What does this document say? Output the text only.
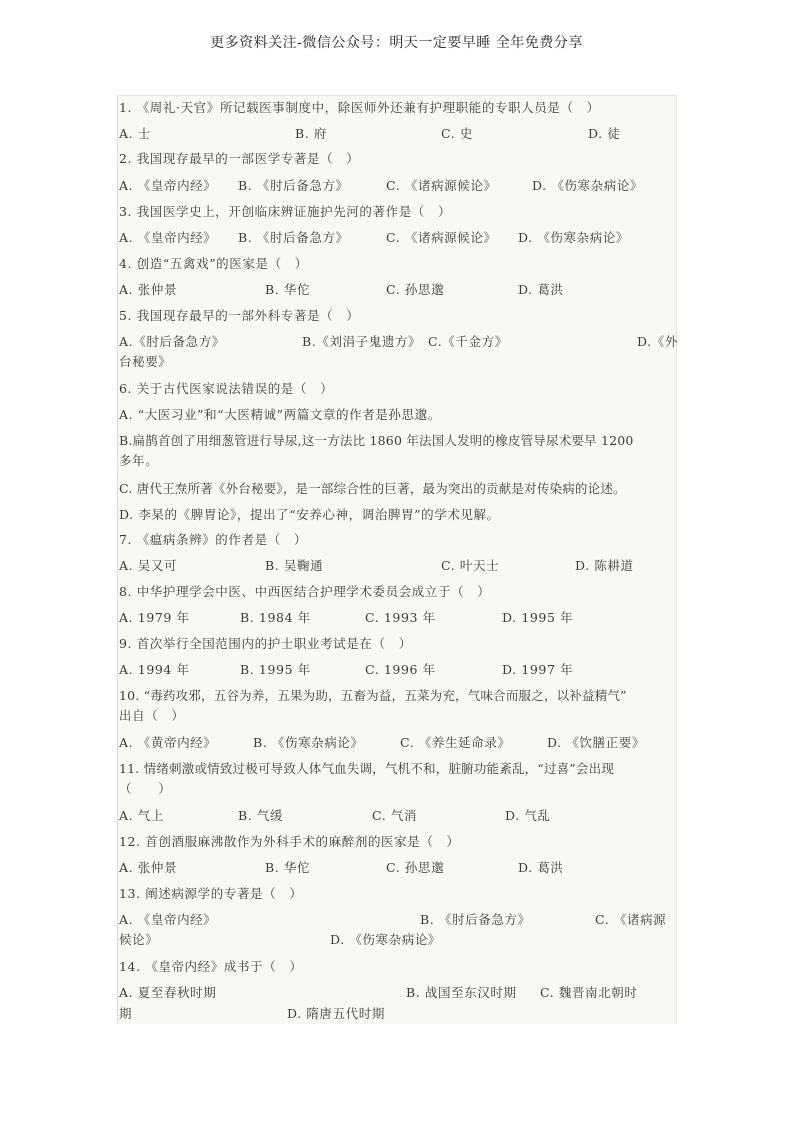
更多资料关注-微信公众号：明天一定要早睡 全年免费分享
1. 《周礼·天官》所记载医事制度中，除医师外还兼有护理职能的专职人员是（　）
A. 士	B. 府	C. 史	D. 徒
2. 我国现存最早的一部医学专著是（　）
A. 《皇帝内经》 B. 《肘后备急方》	C. 《诸病源候论》	D. 《伤寒杂病论》
3. 我国医学史上，开创临床辨证施护先河的著作是（　）
A. 《皇帝内经》 B. 《肘后备急方》	C. 《诸病源候论》 D. 《伤寒杂病论》
4. 创造“五禽戏”的医家是（　）
A. 张仲景	B. 华佗	C. 孙思邈	D. 葛洪
5. 我国现存最早的一部外科专著是（　）
A.《肘后备急方》	B.《刘涓子鬼遗方》 C.《千金方》	D.《外
台秘要》
6. 关于古代医家说法错误的是（　）
A. “大医习业”和“大医精诚”两篇文章的作者是孙思邈。
B.扁鹊首创了用细葱管进行导尿,这一方法比 1860 年法国人发明的橡皮管导尿术要早 1200
多年。
C. 唐代王焘所著《外台秘要》，是一部综合性的巨著，最为突出的贡献是对传染病的论述。
D. 李杲的《脾胃论》，提出了“安养心神，调治脾胃”的学术见解。
7. 《瘟病条辨》的作者是（　）
A. 吴又可	B. 吴鞠通	C. 叶天士	D. 陈耕道
8. 中华护理学会中医、中西医结合护理学术委员会成立于（　）
A. 1979 年	B. 1984 年	C. 1993 年	D. 1995 年
9. 首次举行全国范围内的护士职业考试是在（　）
A. 1994 年	B. 1995 年	C. 1996 年	D. 1997 年
10. “毒药攻邪，五谷为养，五果为助，五畜为益，五菜为充，气味合而服之，以补益精气”
出自（　）
A. 《黄帝内经》	B. 《伤寒杂病论》	C. 《养生延命录》	D. 《饮膳正要》
11. 情绪刺激或情致过极可导致人体气血失调，气机不和，脏腑功能紊乱，“过喜”会出现
（　　）
A. 气上	B. 气缓	C. 气消	D. 气乱
12. 首创酒服麻沸散作为外科手术的麻醉剂的医家是（　）
A. 张仲景	B. 华佗	C. 孙思邈	D. 葛洪
13. 阐述病源学的专著是（　）
A. 《皇帝内经》	B. 《肘后备急方》	C. 《诸病源
候论》	D. 《伤寒杂病论》
14. 《皇帝内经》成书于（　）
A. 夏至春秋时期	B. 战国至东汉时期 C. 魏晋南北朝时
期	D. 隋唐五代时期
